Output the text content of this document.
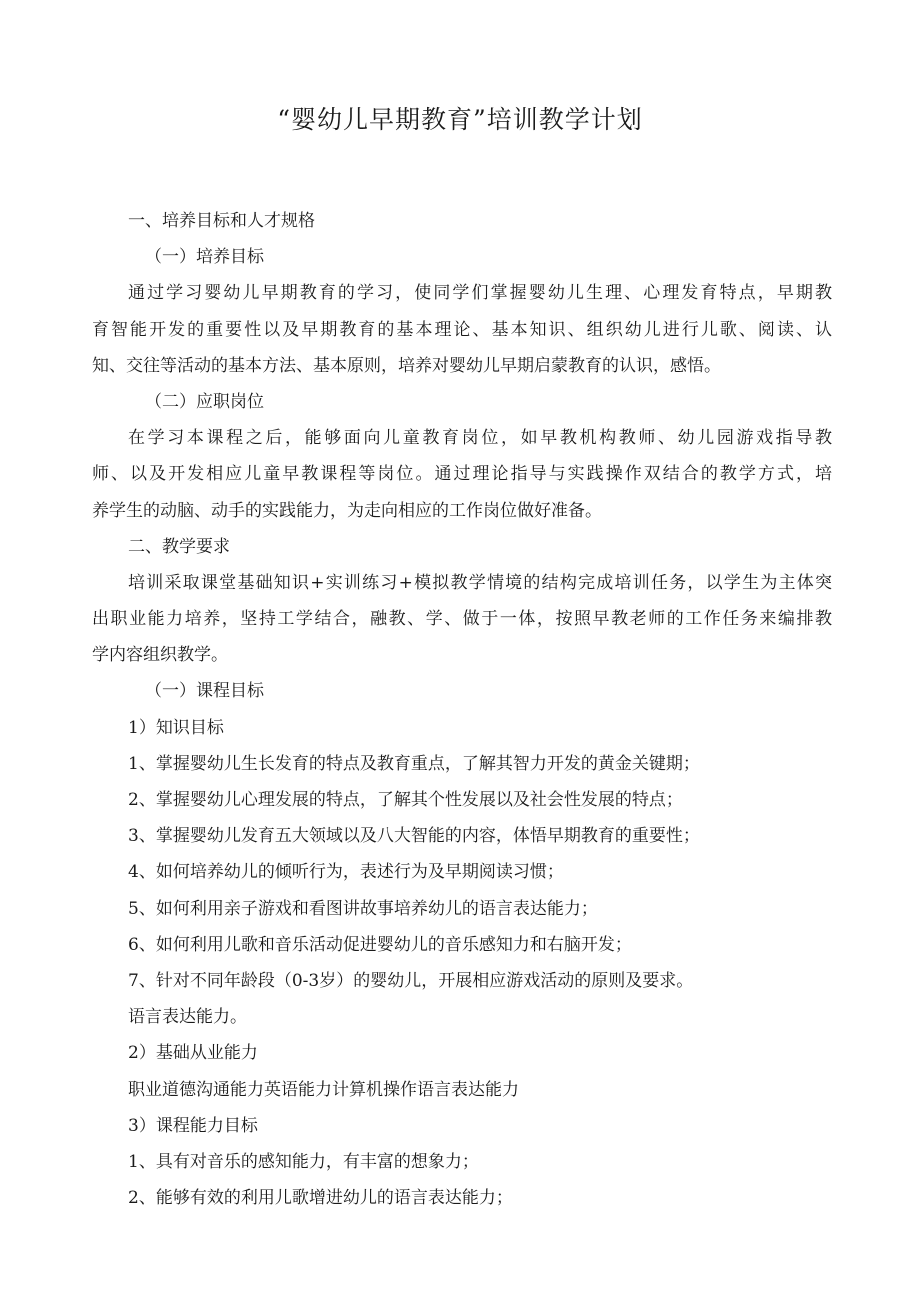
“婴幼儿早期教育”培训教学计划
一、培养目标和人才规格
（一）培养目标
通过学习婴幼儿早期教育的学习，使同学们掌握婴幼儿生理、心理发育特点，早期教
育智能开发的重要性以及早期教育的基本理论、基本知识、组织幼儿进行儿歌、阅读、认
知、交往等活动的基本方法、基本原则，培养对婴幼儿早期启蒙教育的认识，感悟。
（二）应职岗位
在学习本课程之后，能够面向儿童教育岗位，如早教机构教师、幼儿园游戏指导教
师、以及开发相应儿童早教课程等岗位。通过理论指导与实践操作双结合的教学方式，培
养学生的动脑、动手的实践能力，为走向相应的工作岗位做好准备。
二、教学要求
培训采取课堂基础知识+实训练习+模拟教学情境的结构完成培训任务，以学生为主体突
出职业能力培养，坚持工学结合，融教、学、做于一体，按照早教老师的工作任务来编排教
学内容组织教学。
（一）课程目标
1）知识目标
1、掌握婴幼儿生长发育的特点及教育重点，了解其智力开发的黄金关键期；
2、掌握婴幼儿心理发展的特点，了解其个性发展以及社会性发展的特点；
3、掌握婴幼儿发育五大领域以及八大智能的内容，体悟早期教育的重要性；
4、如何培养幼儿的倾听行为，表述行为及早期阅读习惯；
5、如何利用亲子游戏和看图讲故事培养幼儿的语言表达能力；
6、如何利用儿歌和音乐活动促进婴幼儿的音乐感知力和右脑开发；
7、针对不同年龄段（0-3岁）的婴幼儿，开展相应游戏活动的原则及要求。
语言表达能力。
2）基础从业能力
职业道德沟通能力英语能力计算机操作语言表达能力
3）课程能力目标
1、具有对音乐的感知能力，有丰富的想象力；
2、能够有效的利用儿歌增进幼儿的语言表达能力；
